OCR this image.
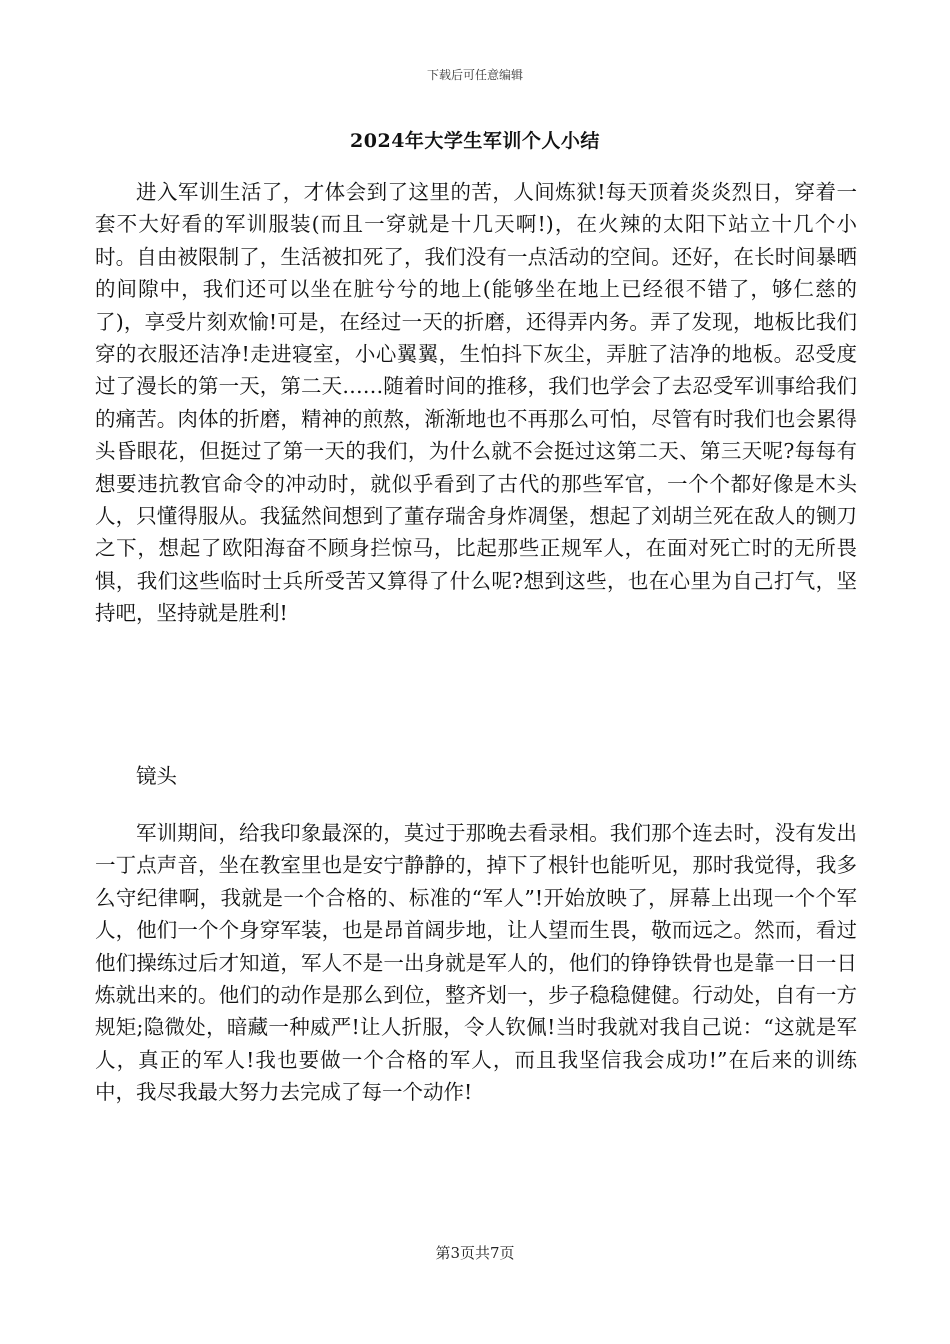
下载后可任意编辑
2024年大学生军训个人小结

进入军训生活了，才体会到了这里的苦，人间炼狱!每天顶着炎炎烈日，穿着一套不大好看的军训服装(而且一穿就是十几天啊!)，在火辣的太阳下站立十几个小时。自由被限制了，生活被扣死了，我们没有一点活动的空间。还好，在长时间暴晒的间隙中，我们还可以坐在脏兮兮的地上(能够坐在地上已经很不错了，够仁慈的了)，享受片刻欢愉!可是，在经过一天的折磨，还得弄内务。弄了发现，地板比我们穿的衣服还洁净!走进寝室，小心翼翼，生怕抖下灰尘，弄脏了洁净的地板。忍受度过了漫长的第一天，第二天……随着时间的推移，我们也学会了去忍受军训事给我们的痛苦。肉体的折磨，精神的煎熬，渐渐地也不再那么可怕，尽管有时我们也会累得头昏眼花，但挺过了第一天的我们，为什么就不会挺过这第二天、第三天呢?每每有想要违抗教官命令的冲动时，就似乎看到了古代的那些军官，一个个都好像是木头人，只懂得服从。我猛然间想到了董存瑞舍身炸凋堡，想起了刘胡兰死在敌人的铡刀之下，想起了欧阳海奋不顾身拦惊马，比起那些正规军人，在面对死亡时的无所畏惧，我们这些临时士兵所受苦又算得了什么呢?想到这些，也在心里为自己打气，坚持吧，坚持就是胜利!

镜头

军训期间，给我印象最深的，莫过于那晚去看录相。我们那个连去时，没有发出一丁点声音，坐在教室里也是安宁静静的，掉下了根针也能听见，那时我觉得，我多么守纪律啊，我就是一个合格的、标准的“军人”!开始放映了，屏幕上出现一个个军人，他们一个个身穿军装，也是昂首阔步地，让人望而生畏，敬而远之。然而，看过他们操练过后才知道，军人不是一出身就是军人的，他们的铮铮铁骨也是靠一日一日炼就出来的。他们的动作是那么到位，整齐划一，步子稳稳健健。行动处，自有一方规矩;隐微处，暗藏一种威严!让人折服，令人钦佩!当时我就对我自己说：“这就是军人，真正的军人!我也要做一个合格的军人，而且我坚信我会成功!”在后来的训练中，我尽我最大努力去完成了每一个动作!

第3页共7页
